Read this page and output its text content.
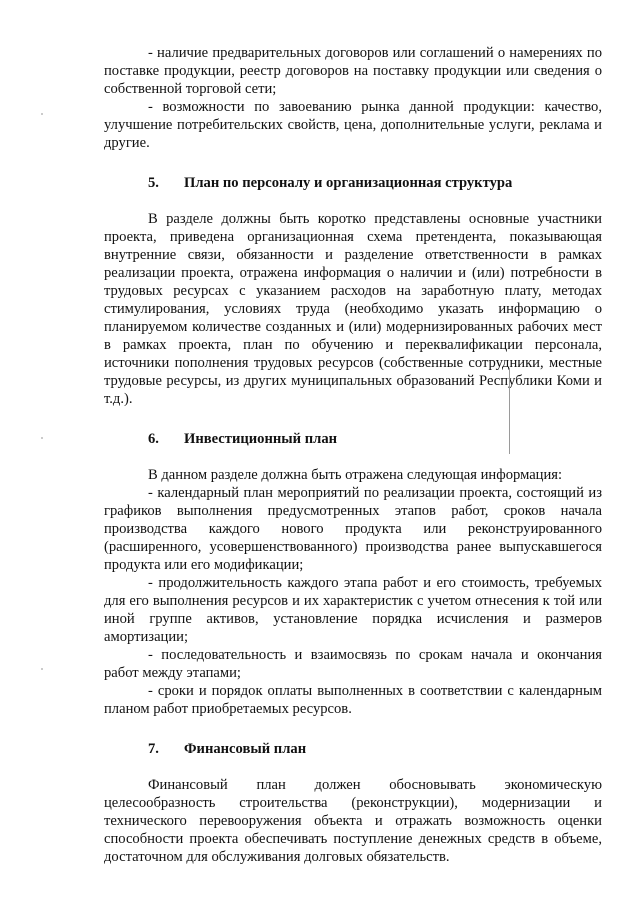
- наличие предварительных договоров или соглашений о намерениях по поставке продукции, реестр договоров на поставку продукции или сведения о собственной торговой сети;

- возможности по завоеванию рынка данной продукции: качество, улучшение потребительских свойств, цена, дополнительные услуги, реклама и другие.

5. План по персоналу и организационная структура

В разделе должны быть коротко представлены основные участники проекта, приведена организационная схема претендента, показывающая внутренние связи, обязанности и разделение ответственности в рамках реализации проекта, отражена информация о наличии и (или) потребности в трудовых ресурсах с указанием расходов на заработную плату, методах стимулирования, условиях труда (необходимо указать информацию о планируемом количестве созданных и (или) модернизированных рабочих мест в рамках проекта, план по обучению и переквалификации персонала, источники пополнения трудовых ресурсов (собственные сотрудники, местные трудовые ресурсы, из других муниципальных образований Республики Коми и т.д.).

6. Инвестиционный план

В данном разделе должна быть отражена следующая информация:

- календарный план мероприятий по реализации проекта, состоящий из графиков выполнения предусмотренных этапов работ, сроков начала производства каждого нового продукта или реконструированного (расширенного, усовершенствованного) производства ранее выпускавшегося продукта или его модификации;

- продолжительность каждого этапа работ и его стоимость, требуемых для его выполнения ресурсов и их характеристик с учетом отнесения к той или иной группе активов, установление порядка исчисления и размеров амортизации;

- последовательность и взаимосвязь по срокам начала и окончания работ между этапами;

- сроки и порядок оплаты выполненных в соответствии с календарным планом работ приобретаемых ресурсов.

7. Финансовый план

Финансовый план должен обосновывать экономическую целесообразность строительства (реконструкции), модернизации и технического перевооружения объекта и отражать возможность оценки способности проекта обеспечивать поступление денежных средств в объеме, достаточном для обслуживания долговых обязательств.
